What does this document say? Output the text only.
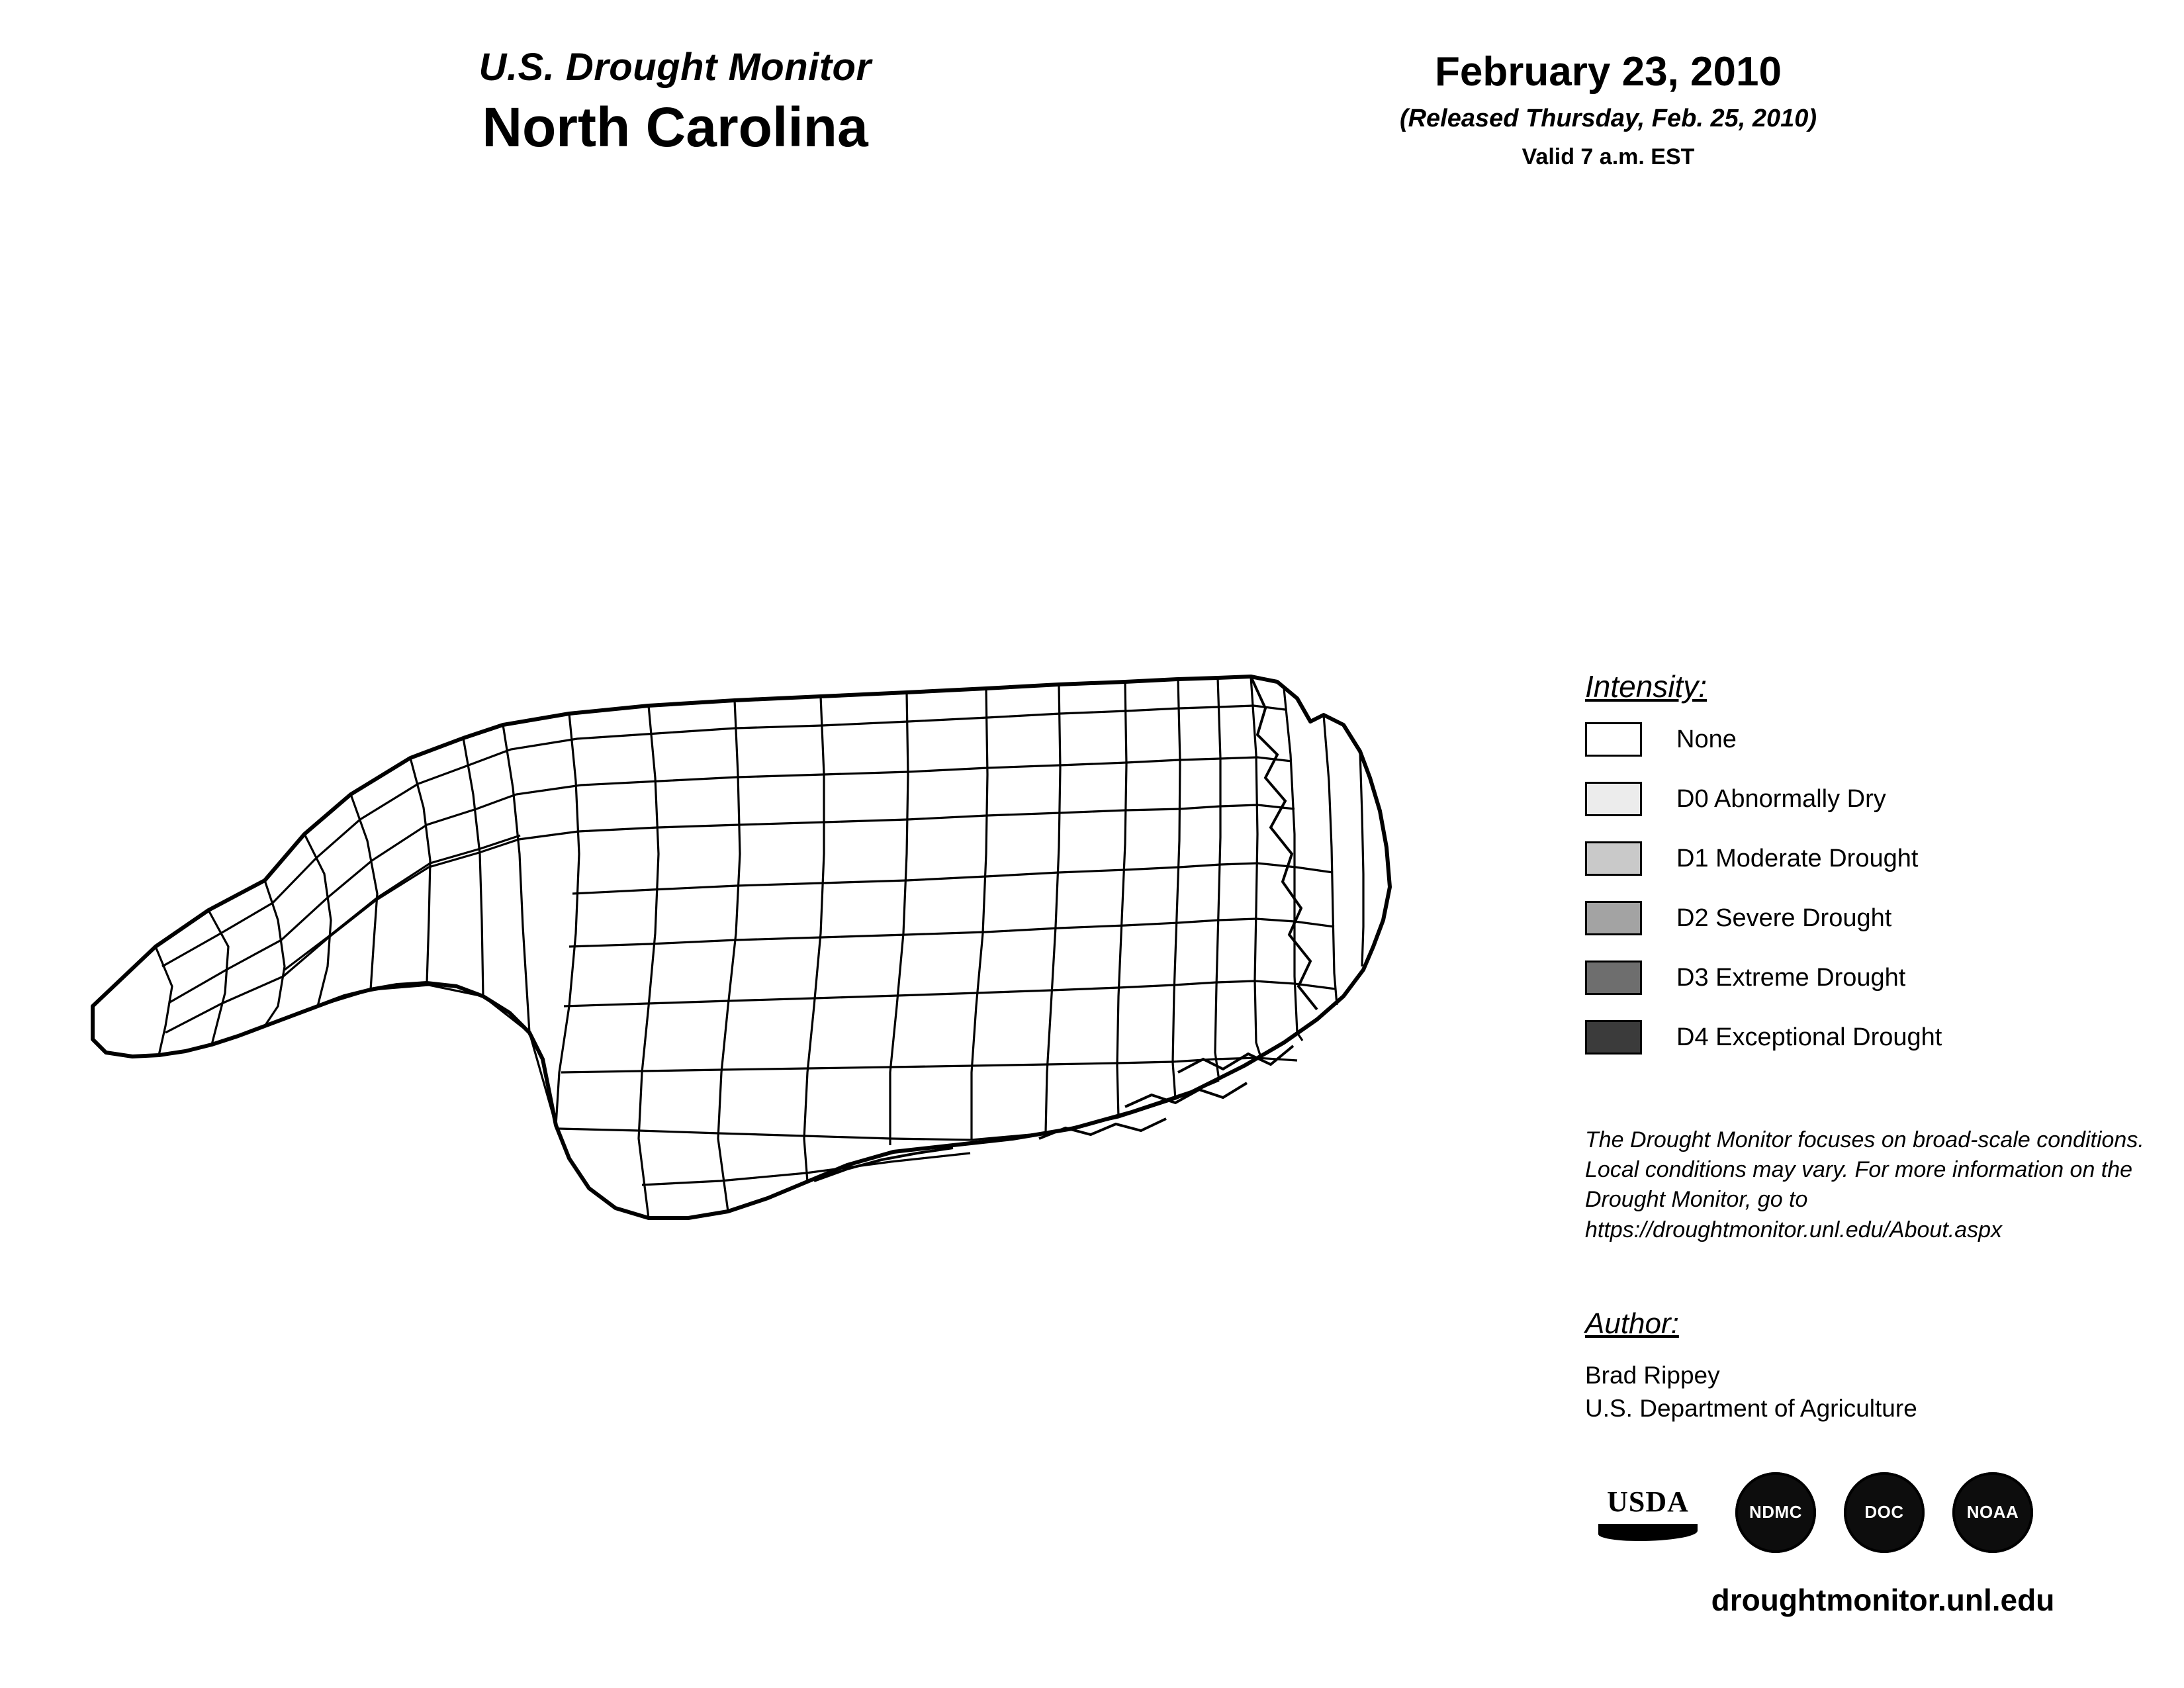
U.S. Drought Monitor
North Carolina
February 23, 2010
(Released Thursday, Feb. 25, 2010)
Valid 7 a.m. EST
Intensity:
None
D0 Abnormally Dry
D1 Moderate Drought
D2 Severe Drought
D3 Extreme Drought
D4 Exceptional Drought
The Drought Monitor focuses on broad-scale conditions. Local conditions may vary. For more information on the Drought Monitor, go to https://droughtmonitor.unl.edu/About.aspx
Author:
Brad Rippey
U.S. Department of Agriculture
USDA	NDMC	DOC	NOAA
droughtmonitor.unl.edu
